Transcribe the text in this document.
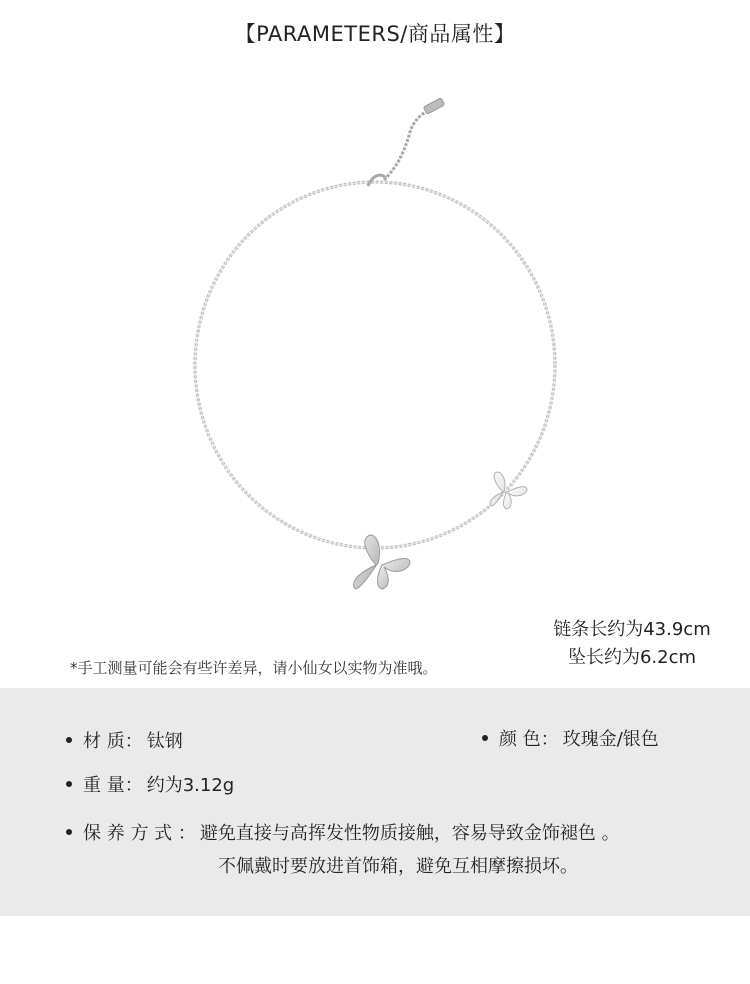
【PARAMETERS/商品属性】
链条长约为43.9cm
坠长约为6.2cm
*手工测量可能会有些许差异，请小仙女以实物为准哦。
材 质： 钛钢	颜 色： 玫瑰金/银色
重 量： 约为3.12g
保 养 方 式 ： 避免直接与高挥发性物质接触，容易导致金饰褪色 。
不佩戴时要放进首饰箱，避免互相摩擦损坏。
